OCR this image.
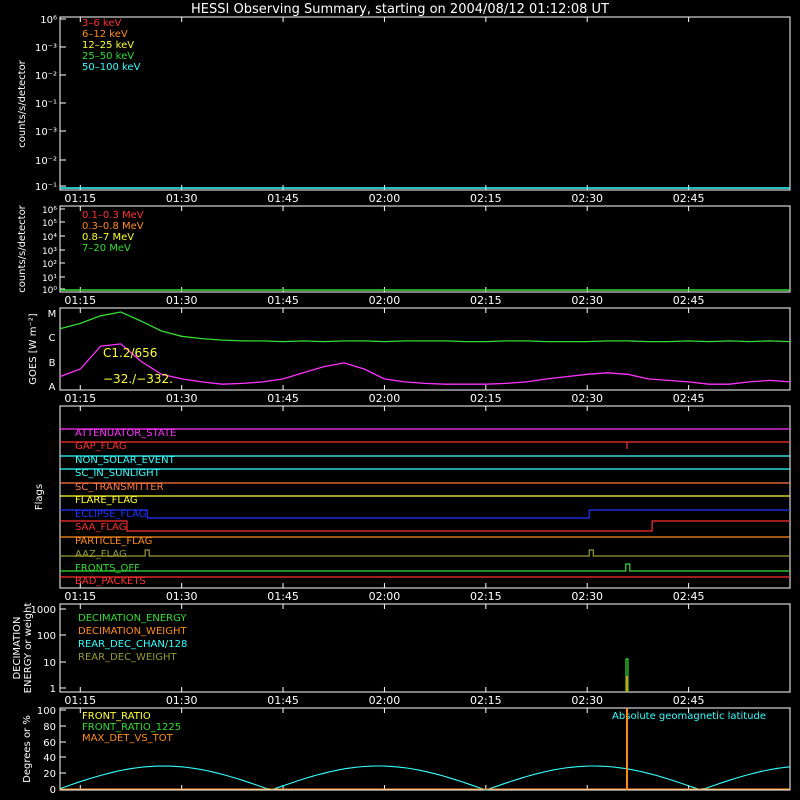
HESSI Observing Summary, starting on 2004/08/12 01:12:08 UT
01:15	01:30	01:45	02:00	02:15	02:30	02:45
01:15	01:30	01:45	02:00	02:15	02:30	02:45
01:15	01:30	01:45	02:00	02:15	02:30	02:45
01:15	01:30	01:45	02:00	02:15	02:30	02:45
01:15	01:30	01:45	02:00	02:15	02:30	02:45
counts/s/detector
counts/s/detector
GOES [W m⁻²]
Flags
DECIMATIONENERGY or weight
Degrees or %
10⁶
10⁻³
10⁻²
10⁻¹
10⁻³
10⁻²
10⁻¹
10⁶
10⁵
10⁴
10³
10²
10¹
10⁰
M
C
B
A
1000
100
10
1
100
80
60
40
20
0
3–6 keV
6–12 keV
12–25 keV
25–50 keV
50–100 keV
0.1–0.3 MeV
0.3–0.8 MeV
0.8–7 MeV
7–20 MeV
C1.2/656
−32./−332.
ATTENUATOR_STATE
GAP_FLAG
NON_SOLAR_EVENT
SC_IN_SUNLIGHT
SC_TRANSMITTER
FLARE_FLAG
ECLIPSE_FLAG
SAA_FLAG
PARTICLE_FLAG
AAZ_FLAG
FRONTS_OFF
BAD_PACKETS
DECIMATION_ENERGY
DECIMATION_WEIGHT
REAR_DEC_CHAN/128
REAR_DEC_WEIGHT
FRONT_RATIO
FRONT_RATIO_1225
MAX_DET_VS_TOT
Absolute geomagnetic latitude
